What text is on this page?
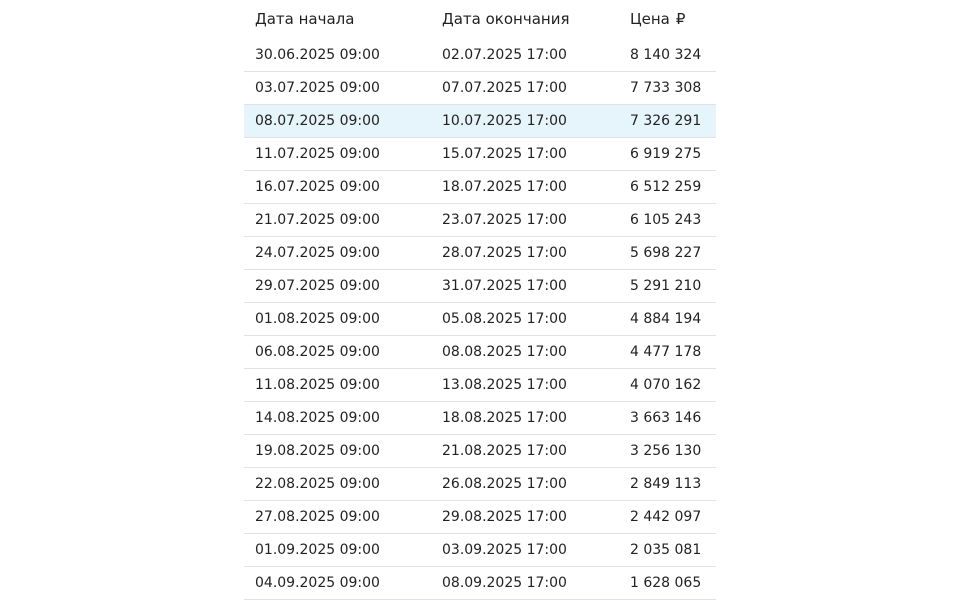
Дата начала	Дата окончания	Цена ₽
30.06.2025 09:00	02.07.2025 17:00	8 140 324
03.07.2025 09:00	07.07.2025 17:00	7 733 308
08.07.2025 09:00	10.07.2025 17:00	7 326 291
11.07.2025 09:00	15.07.2025 17:00	6 919 275
16.07.2025 09:00	18.07.2025 17:00	6 512 259
21.07.2025 09:00	23.07.2025 17:00	6 105 243
24.07.2025 09:00	28.07.2025 17:00	5 698 227
29.07.2025 09:00	31.07.2025 17:00	5 291 210
01.08.2025 09:00	05.08.2025 17:00	4 884 194
06.08.2025 09:00	08.08.2025 17:00	4 477 178
11.08.2025 09:00	13.08.2025 17:00	4 070 162
14.08.2025 09:00	18.08.2025 17:00	3 663 146
19.08.2025 09:00	21.08.2025 17:00	3 256 130
22.08.2025 09:00	26.08.2025 17:00	2 849 113
27.08.2025 09:00	29.08.2025 17:00	2 442 097
01.09.2025 09:00	03.09.2025 17:00	2 035 081
04.09.2025 09:00	08.09.2025 17:00	1 628 065
